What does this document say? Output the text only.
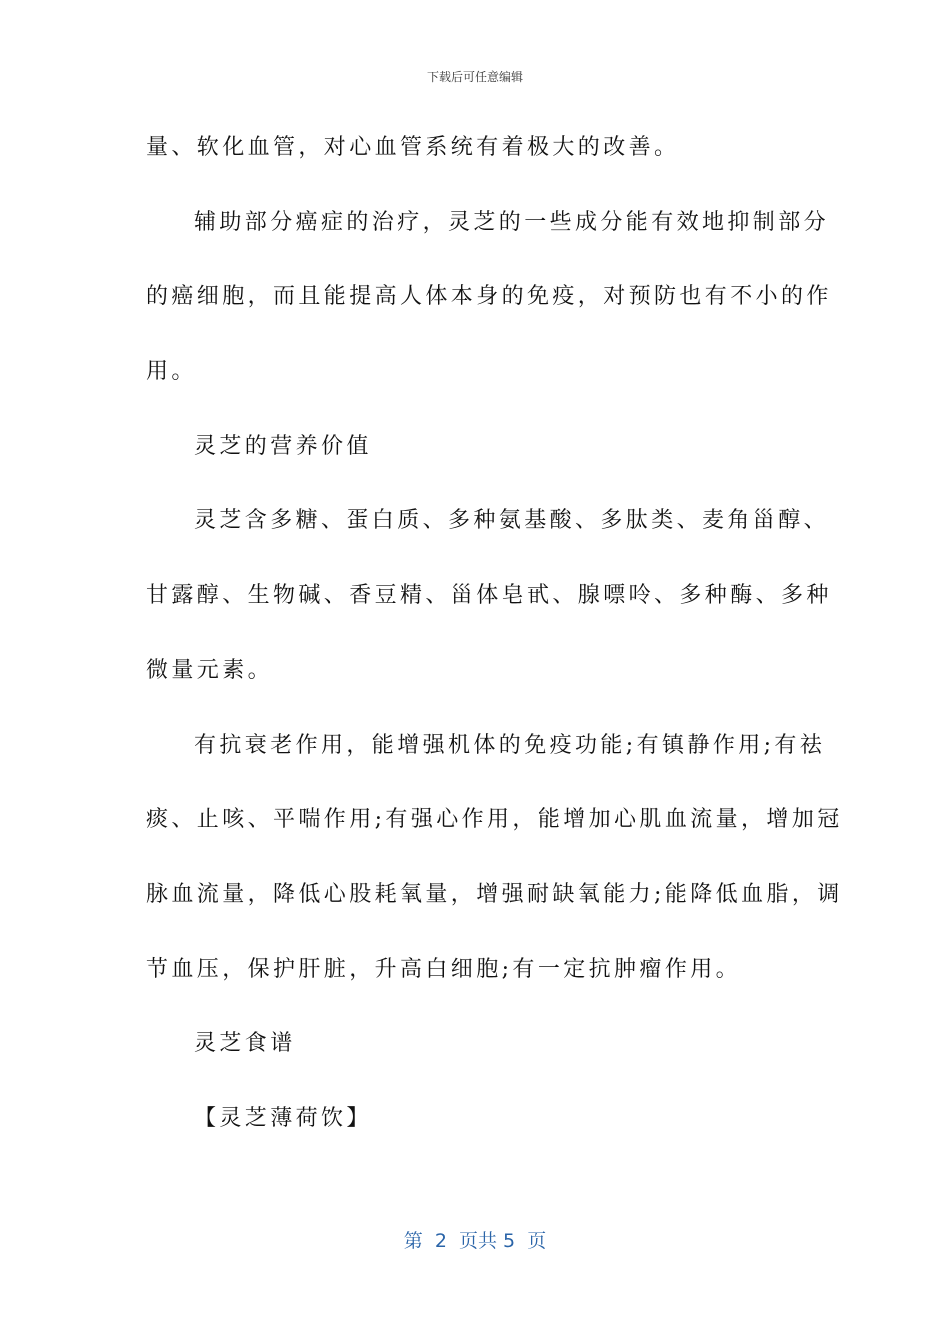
下载后可任意编辑
量、软化血管，对心血管系统有着极大的改善。
辅助部分癌症的治疗，灵芝的一些成分能有效地抑制部分
的癌细胞，而且能提高人体本身的免疫，对预防也有不小的作
用。
灵芝的营养价值
灵芝含多糖、蛋白质、多种氨基酸、多肽类、麦角甾醇、
甘露醇、生物碱、香豆精、甾体皂甙、腺嘌呤、多种酶、多种
微量元素。
有抗衰老作用，能增强机体的免疫功能;有镇静作用;有祛
痰、止咳、平喘作用;有强心作用，能增加心肌血流量，增加冠
脉血流量，降低心股耗氧量，增强耐缺氧能力;能降低血脂，调
节血压，保护肝脏，升高白细胞;有一定抗肿瘤作用。
灵芝食谱
【灵芝薄荷饮】
第  2  页共 5  页
